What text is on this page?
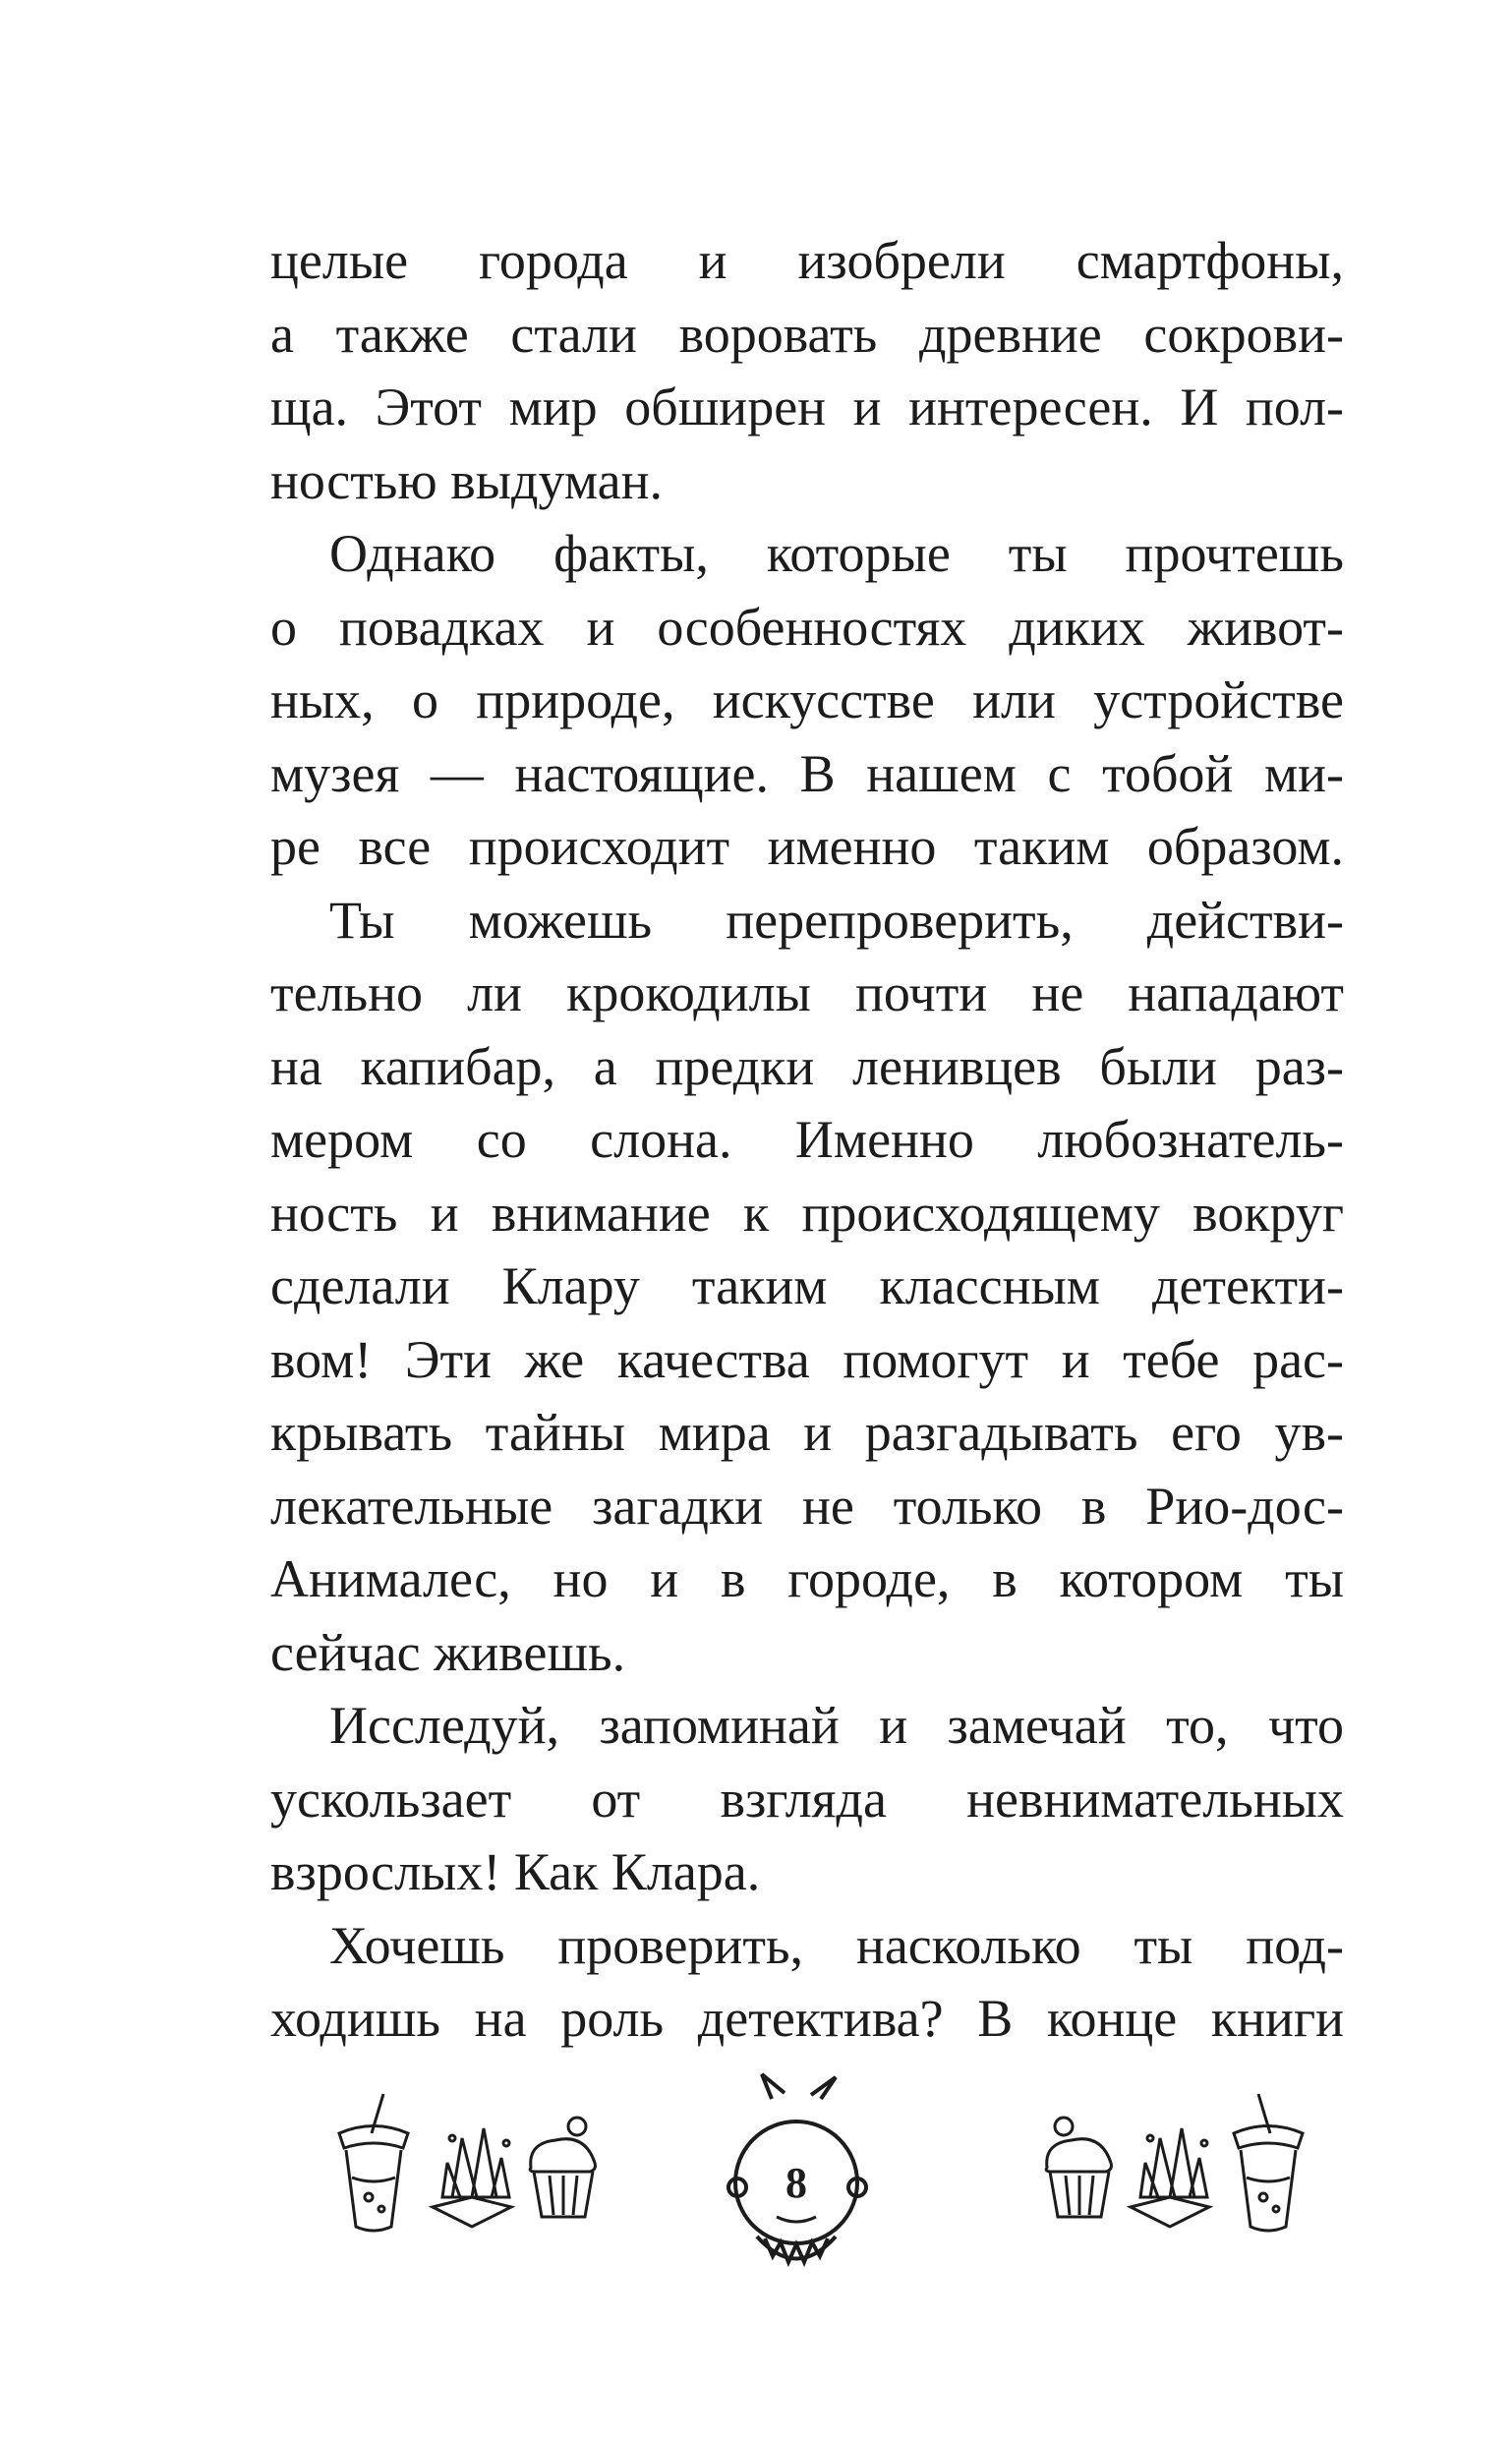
целые города и изобрели смартфоны,
а также стали воровать древние сокрови-
ща. Этот мир обширен и интересен. И пол-
ностью выдуман.
Однако факты, которые ты прочтешь
о повадках и особенностях диких живот-
ных, о природе, искусстве или устройстве
музея — настоящие. В нашем с тобой ми-
ре все происходит именно таким образом.
Ты можешь перепроверить, действи-
тельно ли крокодилы почти не нападают
на капибар, а предки ленивцев были раз-
мером со слона. Именно любознатель-
ность и внимание к происходящему вокруг
сделали Клару таким классным детекти-
вом! Эти же качества помогут и тебе рас-
крывать тайны мира и разгадывать его ув-
лекательные загадки не только в Рио-дос-
Анималес, но и в городе, в котором ты
сейчас живешь.
Исследуй, запоминай и замечай то, что
ускользает от взгляда невнимательных
взрослых! Как Клара.
Хочешь проверить, насколько ты под-
ходишь на роль детектива? В конце книги
8
